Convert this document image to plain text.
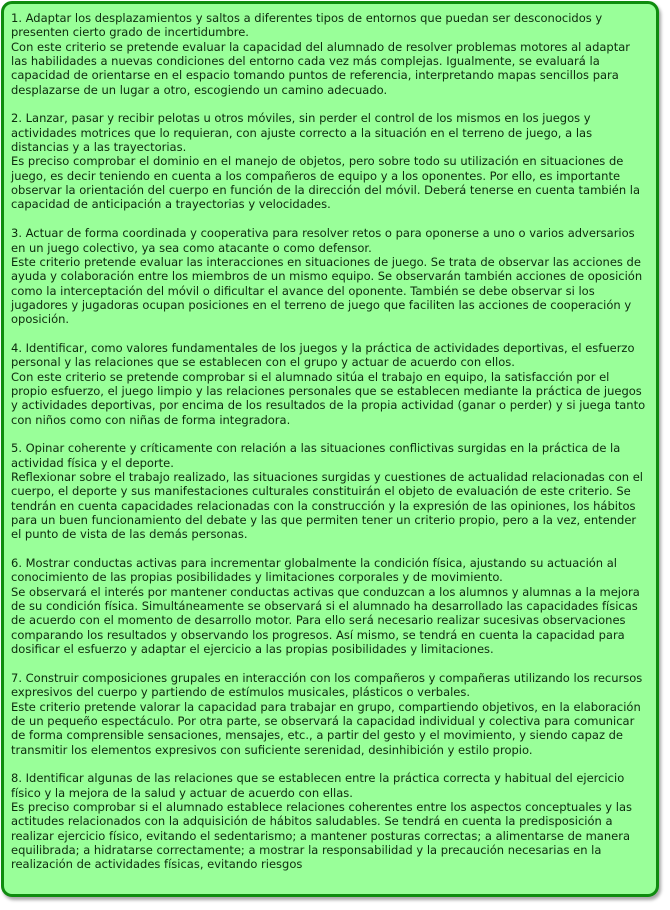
1. Adaptar los desplazamientos y saltos a diferentes tipos de entornos que puedan ser desconocidos y presenten cierto grado de incertidumbre.
Con este criterio se pretende evaluar la capacidad del alumnado de resolver problemas motores al adaptar las habilidades a nuevas condiciones del entorno cada vez más complejas. Igualmente, se evaluará la capacidad de orientarse en el espacio tomando puntos de referencia, interpretando mapas sencillos para desplazarse de un lugar a otro, escogiendo un camino adecuado.
2. Lanzar, pasar y recibir pelotas u otros móviles, sin perder el control de los mismos en los juegos y actividades motrices que lo requieran, con ajuste correcto a la situación en el terreno de juego, a las distancias y a las trayectorias.
Es preciso comprobar el dominio en el manejo de objetos, pero sobre todo su utilización en situaciones de juego, es decir teniendo en cuenta a los compañeros de equipo y a los oponentes. Por ello, es importante observar la orientación del cuerpo en función de la dirección del móvil. Deberá tenerse en cuenta también la capacidad de anticipación a trayectorias y velocidades.
3. Actuar de forma coordinada y cooperativa para resolver retos o para oponerse a uno o varios adversarios en un juego colectivo, ya sea como atacante o como defensor.
Este criterio pretende evaluar las interacciones en situaciones de juego. Se trata de observar las acciones de ayuda y colaboración entre los miembros de un mismo equipo. Se observarán también acciones de oposición como la interceptación del móvil o dificultar el avance del oponente. También se debe observar si los jugadores y jugadoras ocupan posiciones en el terreno de juego que faciliten las acciones de cooperación y oposición.
4. Identificar, como valores fundamentales de los juegos y la práctica de actividades deportivas, el esfuerzo personal y las relaciones que se establecen con el grupo y actuar de acuerdo con ellos.
Con este criterio se pretende comprobar si el alumnado sitúa el trabajo en equipo, la satisfacción por el propio esfuerzo, el juego limpio y las relaciones personales que se establecen mediante la práctica de juegos y actividades deportivas, por encima de los resultados de la propia actividad (ganar o perder) y si juega tanto con niños como con niñas de forma integradora.
5. Opinar coherente y críticamente con relación a las situaciones conflictivas surgidas en la práctica de la actividad física y el deporte.
Reflexionar sobre el trabajo realizado, las situaciones surgidas y cuestiones de actualidad relacionadas con el cuerpo, el deporte y sus manifestaciones culturales constituirán el objeto de evaluación de este criterio. Se tendrán en cuenta capacidades relacionadas con la construcción y la expresión de las opiniones, los hábitos para un buen funcionamiento del debate y las que permiten tener un criterio propio, pero a la vez, entender el punto de vista de las demás personas.
6. Mostrar conductas activas para incrementar globalmente la condición física, ajustando su actuación al conocimiento de las propias posibilidades y limitaciones corporales y de movimiento.
Se observará el interés por mantener conductas activas que conduzcan a los alumnos y alumnas a la mejora de su condición física. Simultáneamente se observará si el alumnado ha desarrollado las capacidades físicas de acuerdo con el momento de desarrollo motor. Para ello será necesario realizar sucesivas observaciones comparando los resultados y observando los progresos. Así mismo, se tendrá en cuenta la capacidad para dosificar el esfuerzo y adaptar el ejercicio a las propias posibilidades y limitaciones.
7. Construir composiciones grupales en interacción con los compañeros y compañeras utilizando los recursos expresivos del cuerpo y partiendo de estímulos musicales, plásticos o verbales.
Este criterio pretende valorar la capacidad para trabajar en grupo, compartiendo objetivos, en la elaboración de un pequeño espectáculo. Por otra parte, se observará la capacidad individual y colectiva para comunicar de forma comprensible sensaciones, mensajes, etc., a partir del gesto y el movimiento, y siendo capaz de transmitir los elementos expresivos con suficiente serenidad, desinhibición y estilo propio.
8. Identificar algunas de las relaciones que se establecen entre la práctica correcta y habitual del ejercicio físico y la mejora de la salud y actuar de acuerdo con ellas.
Es preciso comprobar si el alumnado establece relaciones coherentes entre los aspectos conceptuales y las actitudes relacionados con la adquisición de hábitos saludables. Se tendrá en cuenta la predisposición a realizar ejercicio físico, evitando el sedentarismo; a mantener posturas correctas; a alimentarse de manera equilibrada; a hidratarse correctamente; a mostrar la responsabilidad y la precaución necesarias en la realización de actividades físicas, evitando riesgos
